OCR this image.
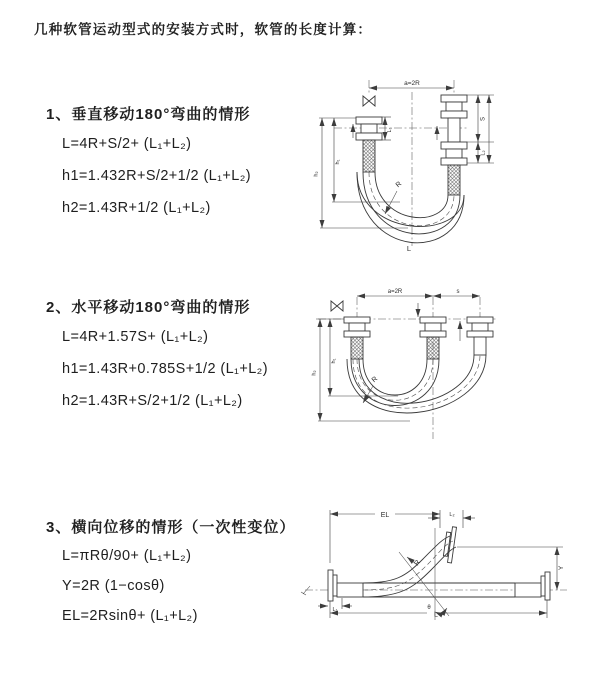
几种软管运动型式的安装方式时，软管的长度计算：
1、垂直移动180°弯曲的情形

L=4R+S/2+ (L₁+L₂)

h1=1.432R+S/2+1/2 (L₁+L₂)

h2=1.43R+1/2 (L₁+L₂)

2、水平移动180°弯曲的情形

L=4R+1.57S+ (L₁+L₂)

h1=1.43R+0.785S+1/2 (L₁+L₂)

h2=1.43R+S/2+1/2 (L₁+L₂)

3、横向位移的情形（一次性变位）

L=πRθ/90+ (L₁+L₂)

Y=2R (1−cosθ)

EL=2Rsinθ+ (L₁+L₂)

a=2R
L₁
S
L₂
h₂
h₁
R
L
a=2R	s
h₂
h₁
R
EL	L₂
Y
L
L₁	θ
R
